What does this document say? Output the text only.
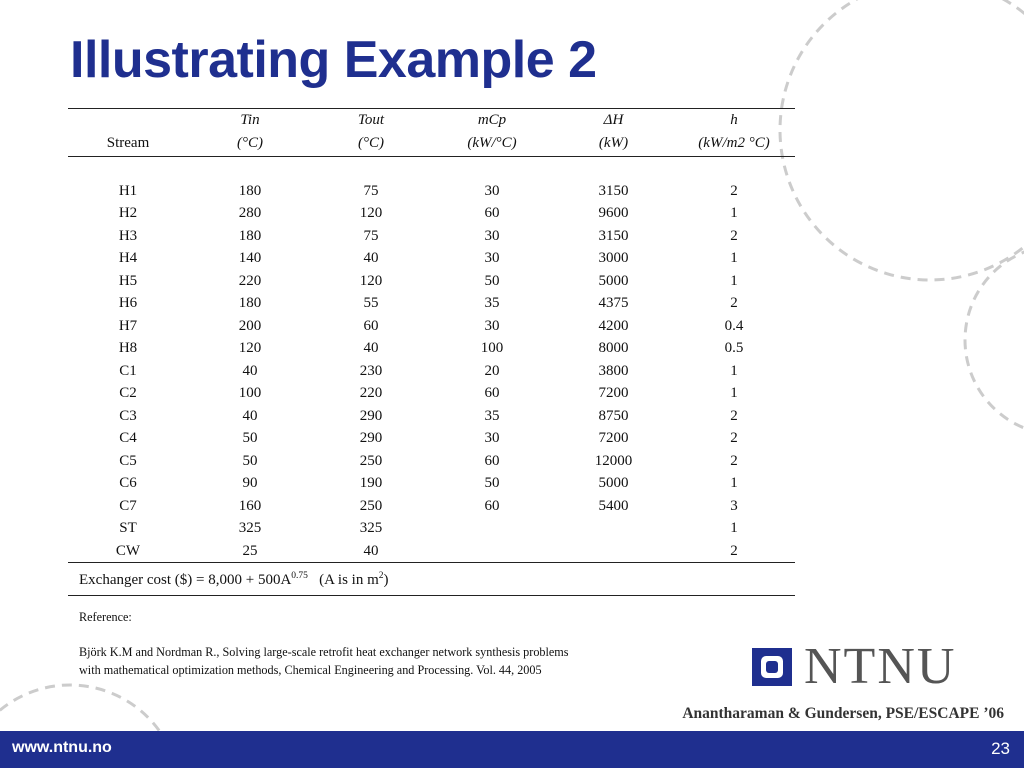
Illustrating Example 2
	Tin	Tout	mCp	ΔH	h
Stream	(°C)	(°C)	(kW/°C)	(kW)	(kW/m2 °C)

H1	180	75	30	3150	2
H2	280	120	60	9600	1
H3	180	75	30	3150	2
H4	140	40	30	3000	1
H5	220	120	50	5000	1
H6	180	55	35	4375	2
H7	200	60	30	4200	0.4
H8	120	40	100	8000	0.5
C1	40	230	20	3800	1
C2	100	220	60	7200	1
C3	40	290	35	8750	2
C4	50	290	30	7200	2
C5	50	250	60	12000	2
C6	90	190	50	5000	1
C7	160	250	60	5400	3
ST	325	325			1
CW	25	40			2
Exchanger cost ($) = $8,000 + 500A^{0.75}$   (A is in $m^2$)

Reference:

Björk K.M and Nordman R., Solving large-scale retrofit heat exchanger network synthesis problems

with mathematical optimization methods, Chemical Engineering and Processing. Vol. 44, 2005	NTNU
Anantharaman & Gundersen, PSE/ESCAPE ’06
www.ntnu.no	23
